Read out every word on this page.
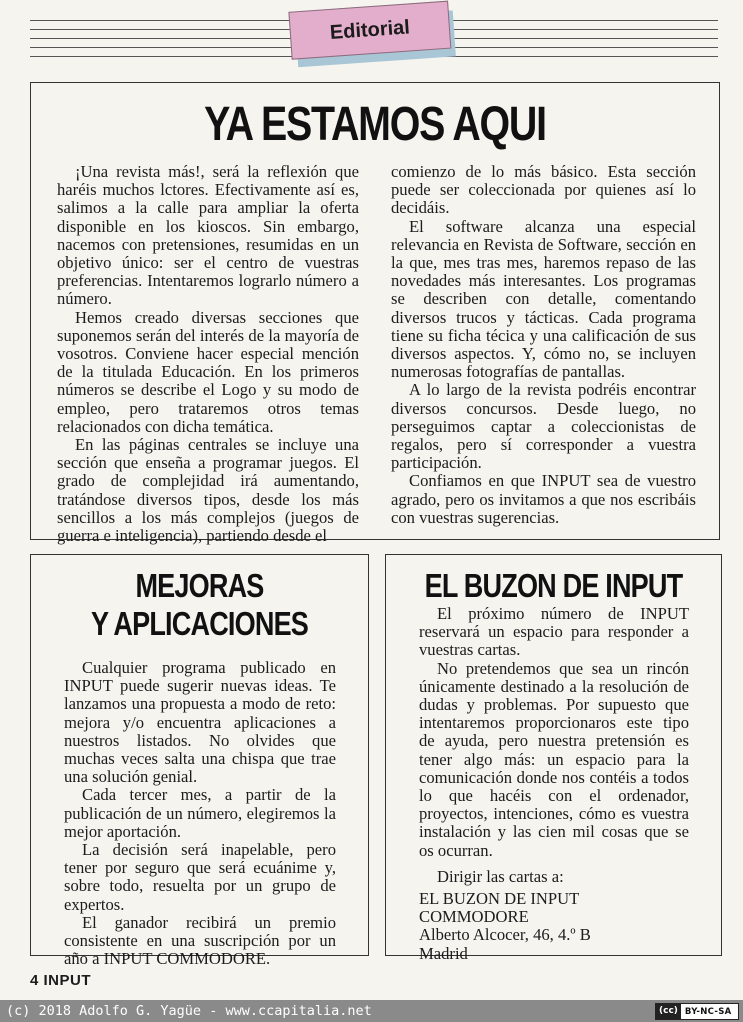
Editorial
YA ESTAMOS AQUI

¡Una revista más!, será la reflexión que haréis muchos lctores. Efectivamente así es, salimos a la calle para ampliar la oferta disponible en los kioscos. Sin embargo, nacemos con pretensiones, resumidas en un objetivo único: ser el centro de vuestras preferencias. Intentaremos lograrlo número a número.

Hemos creado diversas secciones que suponemos serán del interés de la mayoría de vosotros. Conviene hacer especial mención de la titulada Educación. En los primeros números se describe el Logo y su modo de empleo, pero trataremos otros temas relacionados con dicha temática.

En las páginas centrales se incluye una sección que enseña a programar juegos. El grado de complejidad irá aumentando, tratándose diversos tipos, desde los más sencillos a los más complejos (juegos de guerra e inteligencia), partiendo desde el

comienzo de lo más básico. Esta sección puede ser coleccionada por quienes así lo decidáis.

El software alcanza una especial relevancia en Revista de Software, sección en la que, mes tras mes, haremos repaso de las novedades más interesantes. Los programas se describen con detalle, comentando diversos trucos y tácticas. Cada programa tiene su ficha técica y una calificación de sus diversos aspectos. Y, cómo no, se incluyen numerosas fotografías de pantallas.

A lo largo de la revista podréis encontrar diversos concursos. Desde luego, no perseguimos captar a coleccionistas de regalos, pero sí corresponder a vuestra participación.

Confiamos en que INPUT sea de vuestro agrado, pero os invitamos a que nos escribáis con vuestras sugerencias.

MEJORAS
Y APLICACIONES

Cualquier programa publicado en INPUT puede sugerir nuevas ideas. Te lanzamos una propuesta a modo de reto: mejora y/o encuentra aplicaciones a nuestros listados. No olvides que muchas veces salta una chispa que trae una solución genial.

Cada tercer mes, a partir de la publicación de un número, elegiremos la mejor aportación.

La decisión será inapelable, pero tener por seguro que será ecuánime y, sobre todo, resuelta por un grupo de expertos.

El ganador recibirá un premio consistente en una suscripción por un año a INPUT COMMODORE.

EL BUZON DE INPUT

El próximo número de INPUT reservará un espacio para responder a vuestras cartas.

No pretendemos que sea un rincón únicamente destinado a la resolución de dudas y problemas. Por supuesto que intentaremos proporcionaros este tipo de ayuda, pero nuestra pretensión es tener algo más: un espacio para la comunicación donde nos contéis a todos lo que hacéis con el ordenador, proyectos, intenciones, cómo es vuestra instalación y las cien mil cosas que se os ocurran.

Dirigir las cartas a:

EL BUZON DE INPUT

COMMODORE

Alberto Alcocer, 46, 4.º B

Madrid

4 INPUT
(c) 2018 Adolfo G. Yagüe - www.ccapitalia.net	(cc) BY-NC-SA
